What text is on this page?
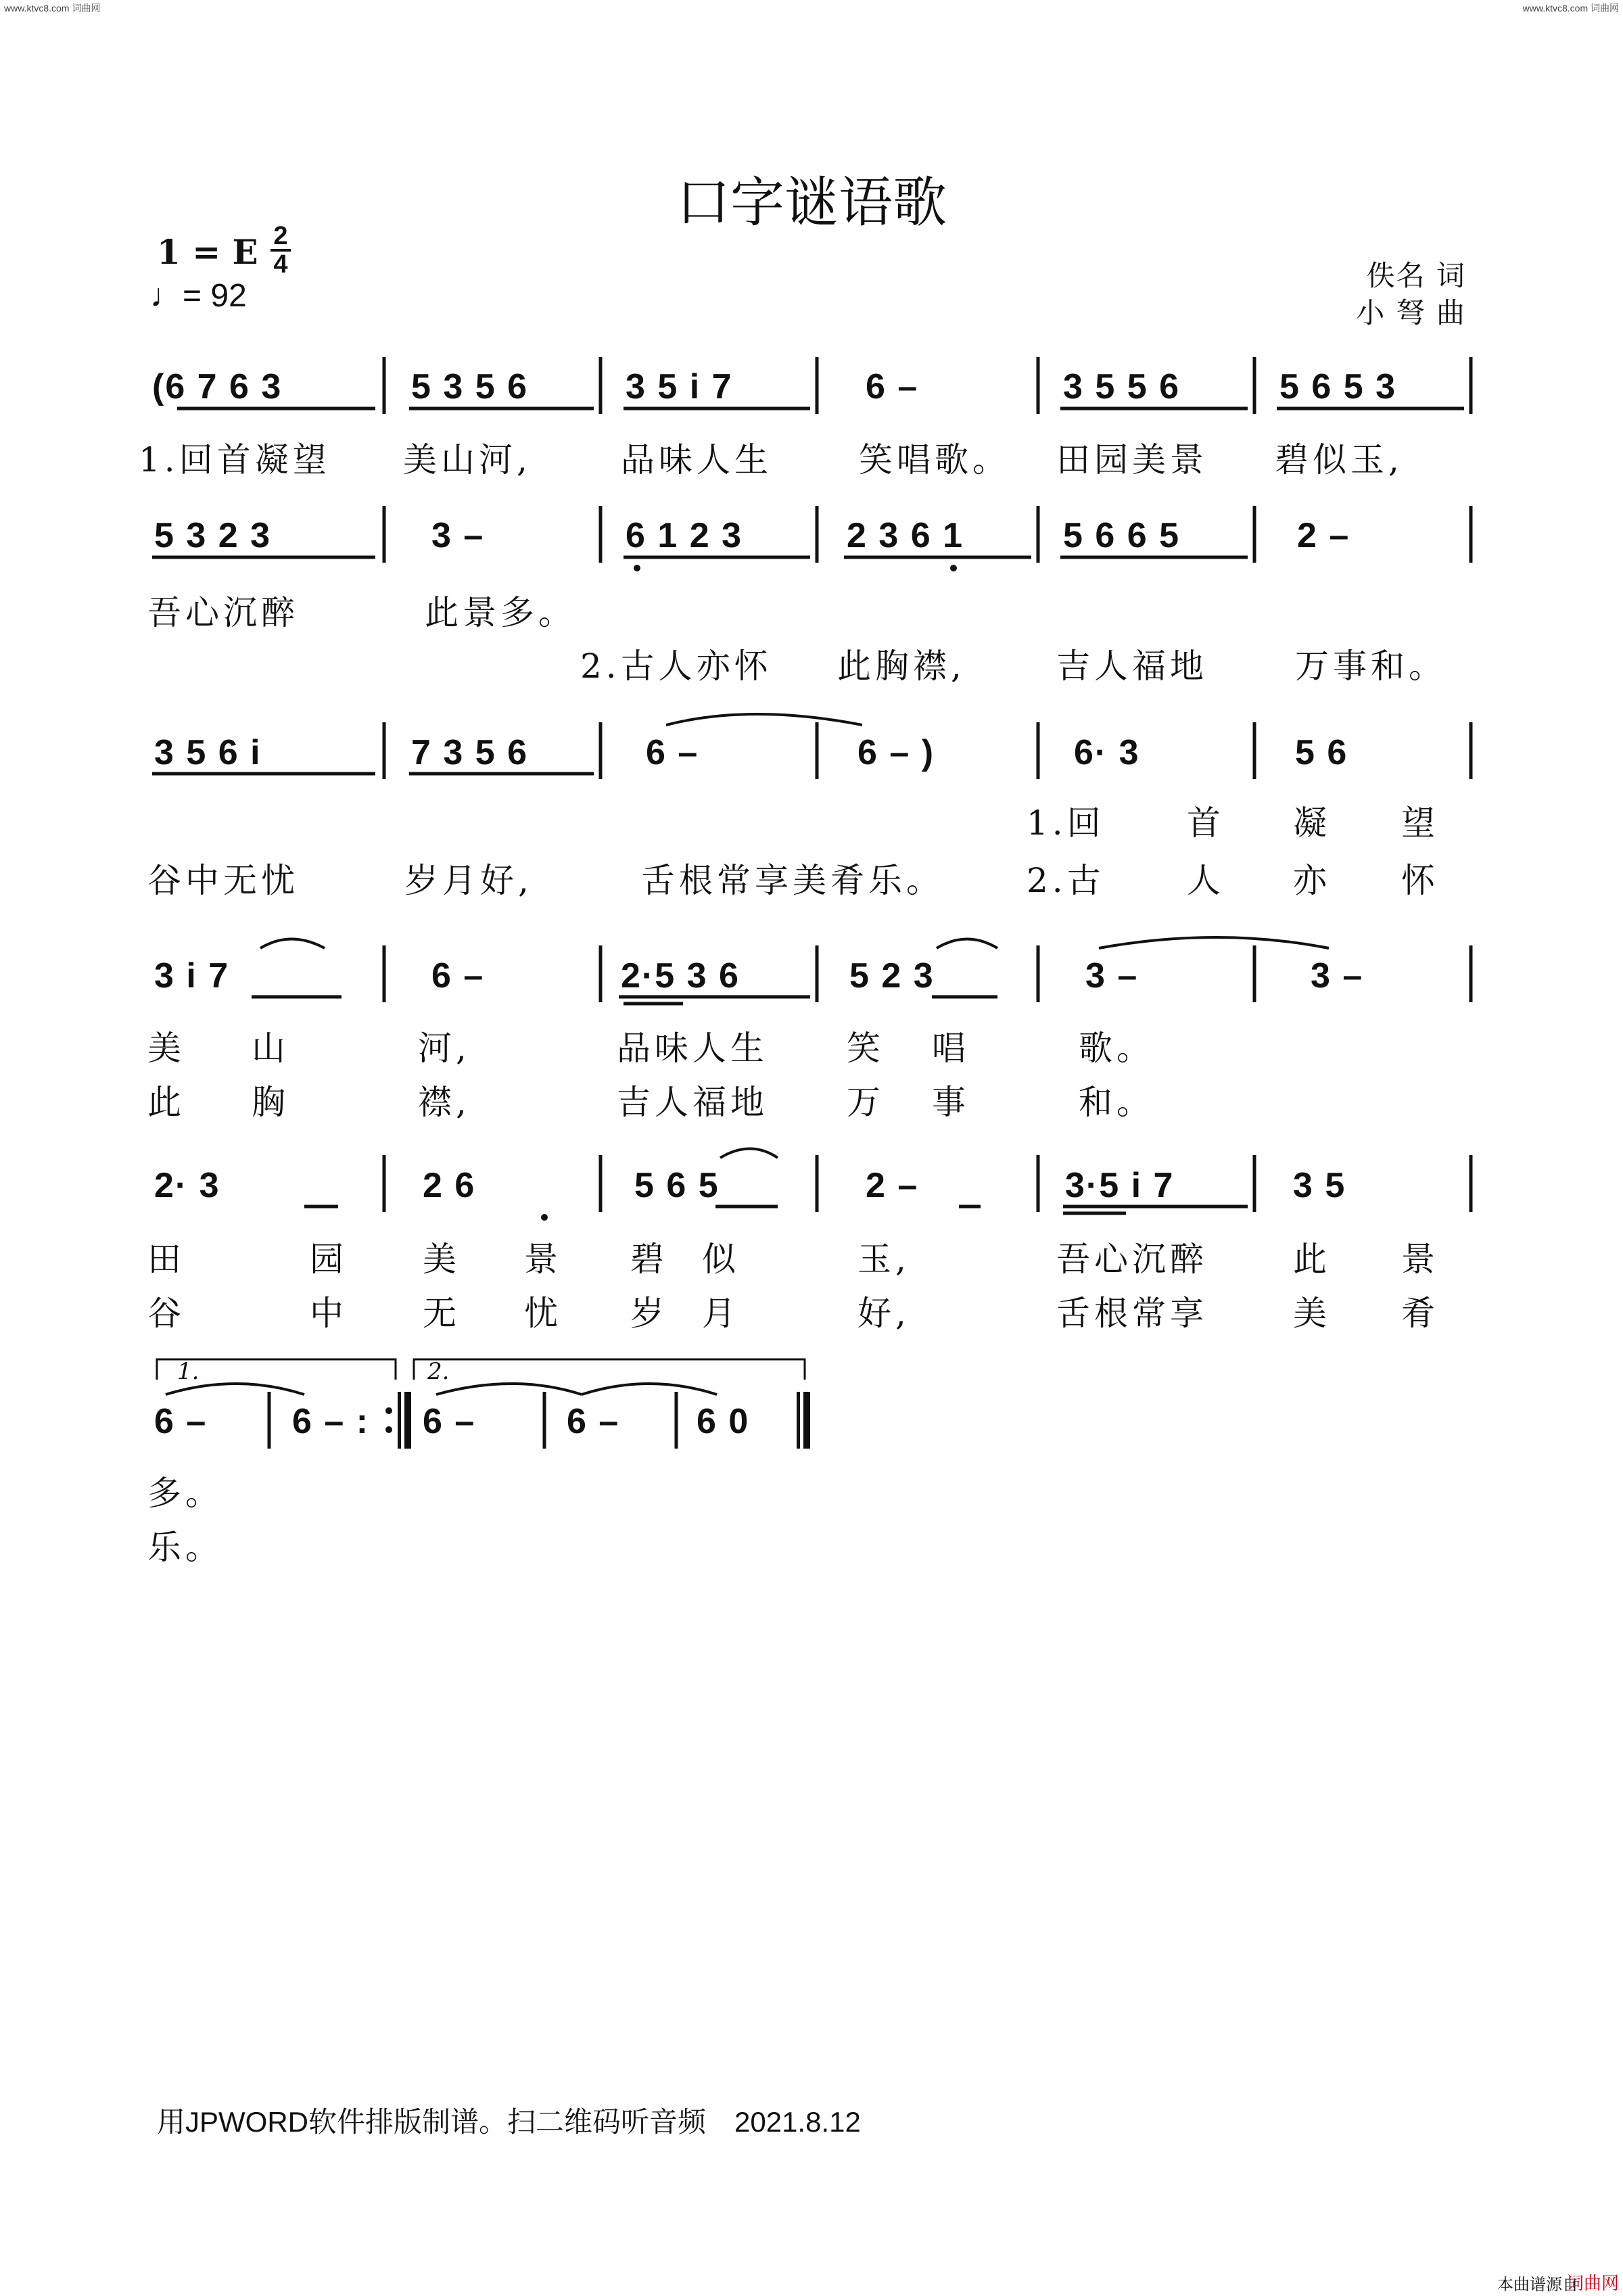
www.ktvc8.com 词曲网	www.ktvc8.com 词曲网
本曲谱源自
词曲网
口字谜语歌
1 = E 2
4
♩= 92
佚名 词
小 弩 曲
(6 7 6 3	5 3 5 6	3 5 i 7	6 –	3 5 5 6	5 6 5 3
1.回首凝望 美山河,	品味人生	笑唱歌。 田园美景 碧似玉,
5 3 2 3	3 –	6 1 2 3	2 3 6 1	5 6 6 5	2 –
吾心沉醉	此景多。
2.古人亦怀 此胸襟,	吉人福地	万事和。
3 5 6 i	7 3 5 6	6 –	6 – )	6· 3	5 6
1.回 首 凝 望
谷中无忧	岁月好,	舌根常享美肴乐。 2.古 人 亦 怀
3 i 7	6 –	2·5 3 6	5 2 3	3 –	3 –
美 山	河,	品味人生 笑 唱	歌。
此 胸	襟,	吉人福地 万 事	和。
2· 3	2 6	5 6 5	2 –	3·5 i 7	3 5
田	园 美 景 碧 似	玉,	吾心沉醉	此 景
谷	中 无 忧 岁 月	好,	舌根常享	美 肴
1.	2.
6 – 6 – : 6 –	6 – 6 0
多。
乐。
用JPWORD软件排版制谱。扫二维码听音频　2021.8.12
